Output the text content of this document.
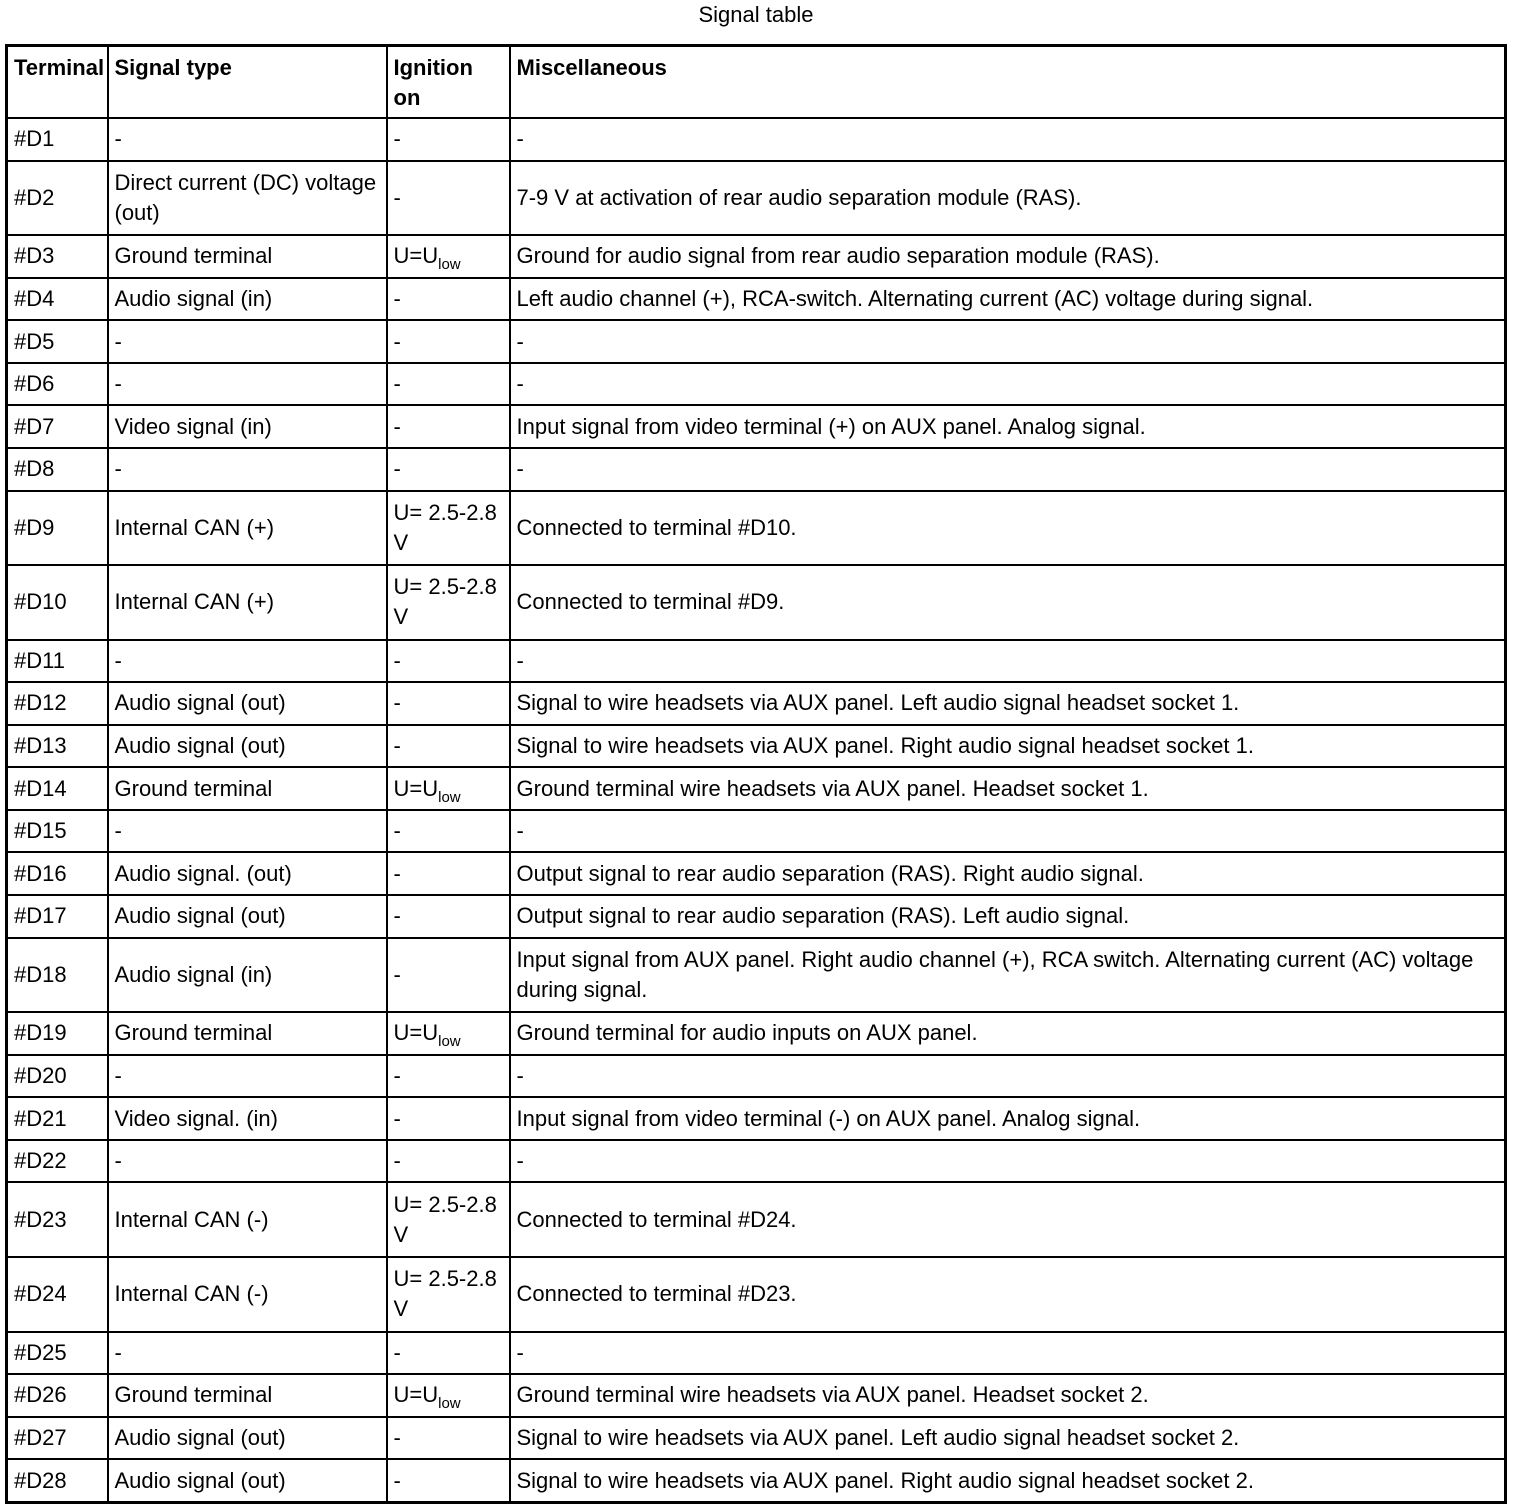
Signal table
Terminal	Signal type	Ignition on	Miscellaneous
#D1	-	-	-
#D2	Direct current (DC) voltage (out)	-	7-9 V at activation of rear audio separation module (RAS).
#D3	Ground terminal	$U=U_{low}$	Ground for audio signal from rear audio separation module (RAS).
#D4	Audio signal (in)	-	Left audio channel (+), RCA-switch. Alternating current (AC) voltage during signal.
#D5	-	-	-
#D6	-	-	-
#D7	Video signal (in)	-	Input signal from video terminal (+) on AUX panel. Analog signal.
#D8	-	-	-
#D9	Internal CAN (+)	U= 2.5-2.8 V	Connected to terminal #D10.
#D10	Internal CAN (+)	U= 2.5-2.8 V	Connected to terminal #D9.
#D11	-	-	-
#D12	Audio signal (out)	-	Signal to wire headsets via AUX panel. Left audio signal headset socket 1.
#D13	Audio signal (out)	-	Signal to wire headsets via AUX panel. Right audio signal headset socket 1.
#D14	Ground terminal	$U=U_{low}$	Ground terminal wire headsets via AUX panel. Headset socket 1.
#D15	-	-	-
#D16	Audio signal. (out)	-	Output signal to rear audio separation (RAS). Right audio signal.
#D17	Audio signal (out)	-	Output signal to rear audio separation (RAS). Left audio signal.
#D18	Audio signal (in)	-	Input signal from AUX panel. Right audio channel (+), RCA switch. Alternating current (AC) voltage during signal.
#D19	Ground terminal	$U=U_{low}$	Ground terminal for audio inputs on AUX panel.
#D20	-	-	-
#D21	Video signal. (in)	-	Input signal from video terminal (-) on AUX panel. Analog signal.
#D22	-	-	-
#D23	Internal CAN (-)	U= 2.5-2.8 V	Connected to terminal #D24.
#D24	Internal CAN (-)	U= 2.5-2.8 V	Connected to terminal #D23.
#D25	-	-	-
#D26	Ground terminal	$U=U_{low}$	Ground terminal wire headsets via AUX panel. Headset socket 2.
#D27	Audio signal (out)	-	Signal to wire headsets via AUX panel. Left audio signal headset socket 2.
#D28	Audio signal (out)	-	Signal to wire headsets via AUX panel. Right audio signal headset socket 2.
